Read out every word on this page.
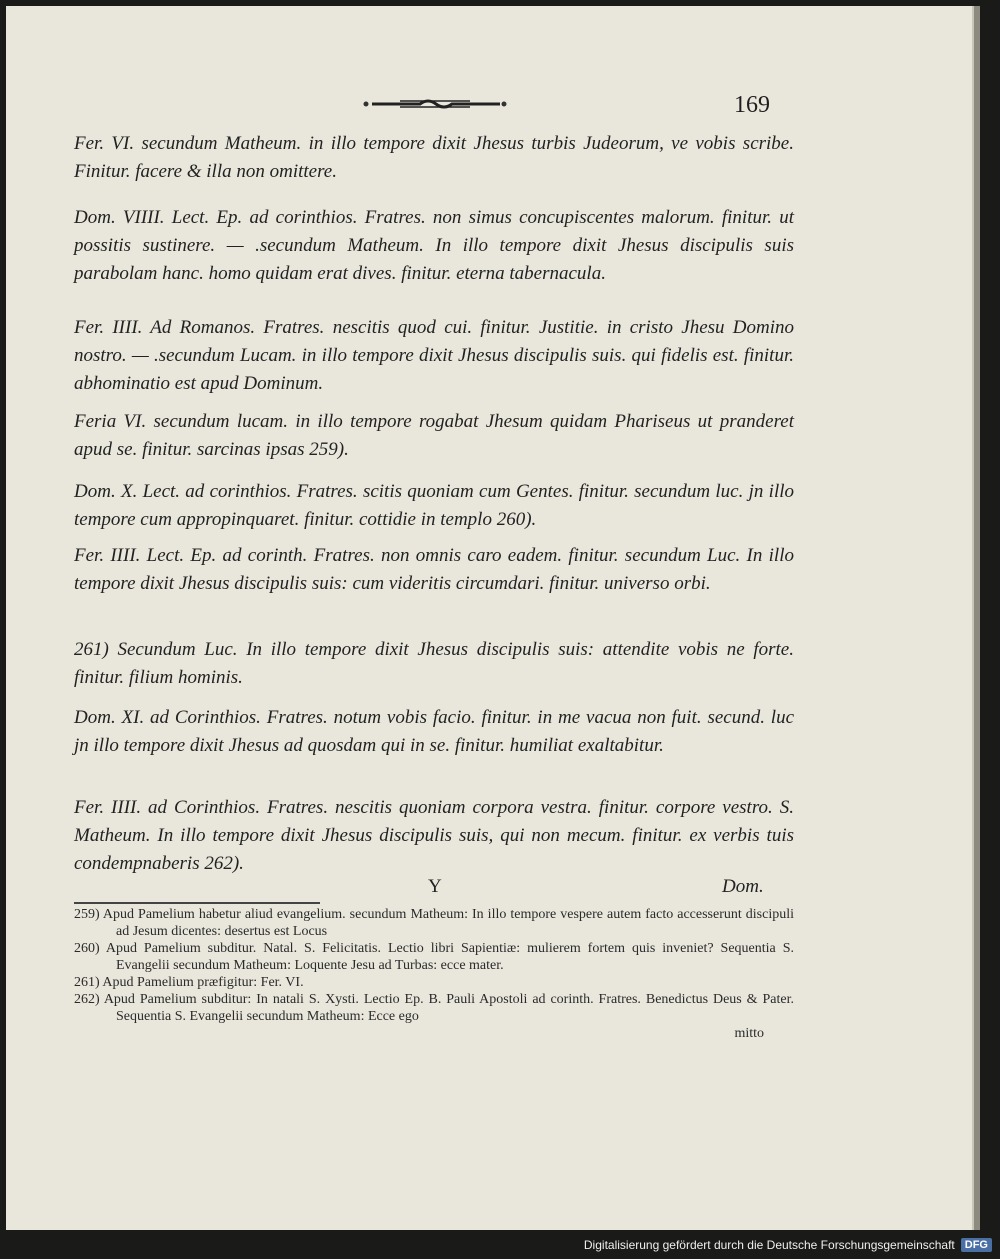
169

Fer. VI. secundum Matheum. in illo tempore dixit Jhesus turbis Judeorum, ve vobis scribe. Finitur. facere & illa non omittere.

Dom. VIIII. Lect. Ep. ad corinthios. Fratres. non simus concupiscentes malorum. finitur. ut possitis sustinere. — .secundum Matheum. In illo tempore dixit Jhesus discipulis suis parabolam hanc. homo quidam erat dives. finitur. eterna tabernacula.

Fer. IIII. Ad Romanos. Fratres. nescitis quod cui. finitur. Justitie. in cristo Jhesu Domino nostro. — .secundum Lucam. in illo tempore dixit Jhesus discipulis suis. qui fidelis est. finitur. abhominatio est apud Dominum.

Feria VI. secundum lucam. in illo tempore rogabat Jhesum quidam Phariseus ut pranderet apud se. finitur. sarcinas ipsas 259).

Dom. X. Lect. ad corinthios. Fratres. scitis quoniam cum Gentes. finitur. secundum luc. jn illo tempore cum appropinquaret. finitur. cottidie in templo 260).

Fer. IIII. Lect. Ep. ad corinth. Fratres. non omnis caro eadem. finitur. secundum Luc. In illo tempore dixit Jhesus discipulis suis: cum videritis circumdari. finitur. universo orbi.

261) Secundum Luc. In illo tempore dixit Jhesus discipulis suis: attendite vobis ne forte. finitur. filium hominis.

Dom. XI. ad Corinthios. Fratres. notum vobis facio. finitur. in me vacua non fuit. secund. luc jn illo tempore dixit Jhesus ad quosdam qui in se. finitur. humiliat exaltabitur.

Fer. IIII. ad Corinthios. Fratres. nescitis quoniam corpora vestra. finitur. corpore vestro. S. Matheum. In illo tempore dixit Jhesus discipulis suis, qui non mecum. finitur. ex verbis tuis condempnaberis 262).

Y	Dom.

259) Apud Pamelium habetur aliud evangelium. secundum Matheum: In illo tempore vespere autem facto accesserunt discipuli ad Jesum dicentes: desertus est Locus

260) Apud Pamelium subditur. Natal. S. Felicitatis. Lectio libri Sapientiæ: mulierem fortem quis inveniet? Sequentia S. Evangelii secundum Matheum: Loquente Jesu ad Turbas: ecce mater.

261) Apud Pamelium præfigitur: Fer. VI.

262) Apud Pamelium subditur: In natali S. Xysti. Lectio Ep. B. Pauli Apostoli ad corinth. Fratres. Benedictus Deus & Pater. Sequentia S. Evangelii secundum Matheum: Ecce ego

mitto

Digitalisierung gefördert durch die Deutsche Forschungsgemeinschaft DFG
